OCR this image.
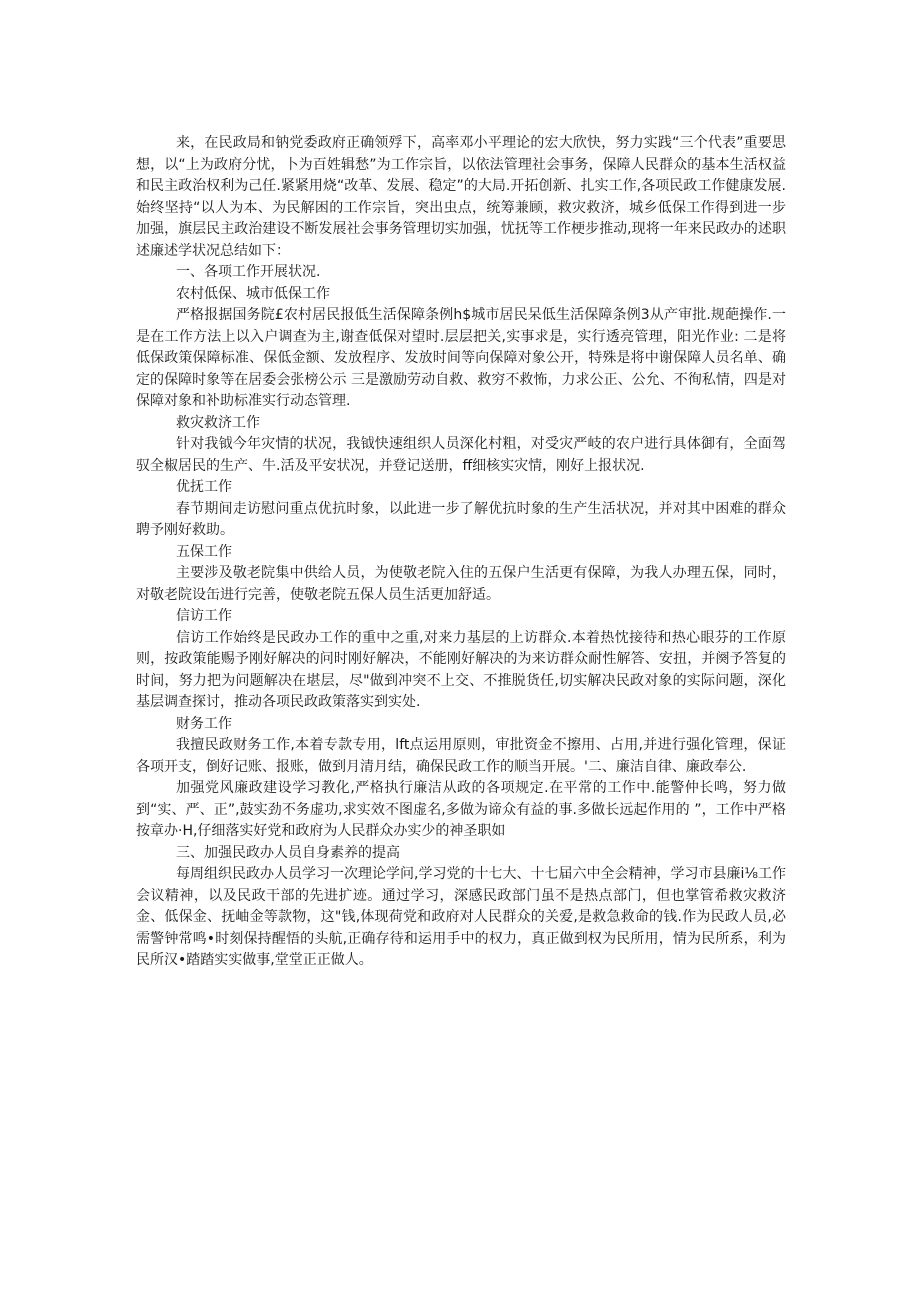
来，在民政局和钠党委政府正确领殍下，高率邓小平理论的宏大欣快，努力实践“三个代表”重要思想，以“上为政府分忧，卜为百姓辑愁”为工作宗旨，以依法管理社会事务，保障人民群众的基本生活权益和民主政治权利为己任.紧紧用烧“改革、发展、稳定”的大局.开拓创新、扎实工作,各项民政工作健康发展.始终坚持“以人为本、为民解困的工作宗旨，突出虫点，统筹兼顾，救灾救济，城乡低保工作得到进一步加强，旗层民主政治建设不断发展社会事务管理切实加强，忧抚等工作梗步推动,现将一年来民政办的述职述廉述学状况总结如下：

一、各项工作开展状况.

农村低保、城市低保工作

严格报据国务院£农村居民报低生活保障条例h$城市居民呆低生活保障条例3从产审批.规葩操作.一是在工作方法上以入户调查为主,谢查低保对望时.层层把关,实事求是，实行透亮管理，阳光作业: 二是将低保政策保障标准、保低金额、发放程序、发放时间等向保障对象公开，特殊是将中谢保障人员名单、确定的保障时象等在居委会张榜公示 三是激励劳动自救、救穷不救怖，力求公正、公允、不徇私情，四是对保障对象和补助标准实行动态管理.

救灾救济工作

针对我钺今年灾情的状况，我钺快速组织人员深化村粗，对受灾严岐的农户进行具体御有，全面驾驭全椒居民的生产、牛.活及平安状况，并登记送册，ff细核实灾情，刚好上报状况.

优抚工作

春节期间走访慰问重点优抗时象，以此进一步了解优抗时象的生产生活状况，并对其中困难的群众聘予刚好救助。

五保工作

主要涉及敬老院集中供给人员，为使敬老院入住的五保户生活更有保障，为我人办理五保，同时，对敬老院设缶进行完善，使敬老院五保人员生活更加舒适。

信访工作

信访工作始终是民政办工作的重中之重,对来力基层的上访群众.本着热忱接待和热心眼芬的工作原则，按政策能赐予刚好解决的问时刚好解决，不能刚好解决的为来访群众耐性解答、安扭，并阕予答复的时间，努力把为问题解决在堪层，尽"做到冲突不上交、不推脱货任,切实解决民政对象的实际问题，深化基层调查探讨，推动各项民政政策落实到实处.

财务工作

我擅民政财务工作,本着专款专用，lft点运用原则，审批资金不擦用、占用,并进行强化管理，保证各项开支，倒好记账、报账，做到月清月结，确保民政工作的顺当开展。'二、廉洁自律、廉政奉公.

加强党风廉政建设学习教化,严格执行廉洁从政的各项规定.在平常的工作中.能警仲长鸣，努力做到“实、严、正”,鼓实劲不务虚功,求实效不图虚名,多做为谛众有益的事.多做长远起作用的 ”，工作中严格按章办·H,仔细落实好党和政府为人民群众办实少的神圣职如

三、加强民政办人员自身素养的提高

每周组织民政办人员学习一次理论学问,学习党的十七大、十七届六中全会精神，学习市县廉i⅛工作会议精神，以及民政干部的先进扩迹。通过学习，深感民政部门虽不是热点部门，但也掌管希救灾救济金、低保金、抚岫金等款物，这"钱,体现荷党和政府对人民群众的关爱,是救急救命的钱.作为民政人员,必需警钟常鸣•时刻保持醒悟的头航,正确存待和运用手中的权力，真正做到权为民所用，情为民所系，利为民所汉•踏踏实实做事,堂堂正正做人。
